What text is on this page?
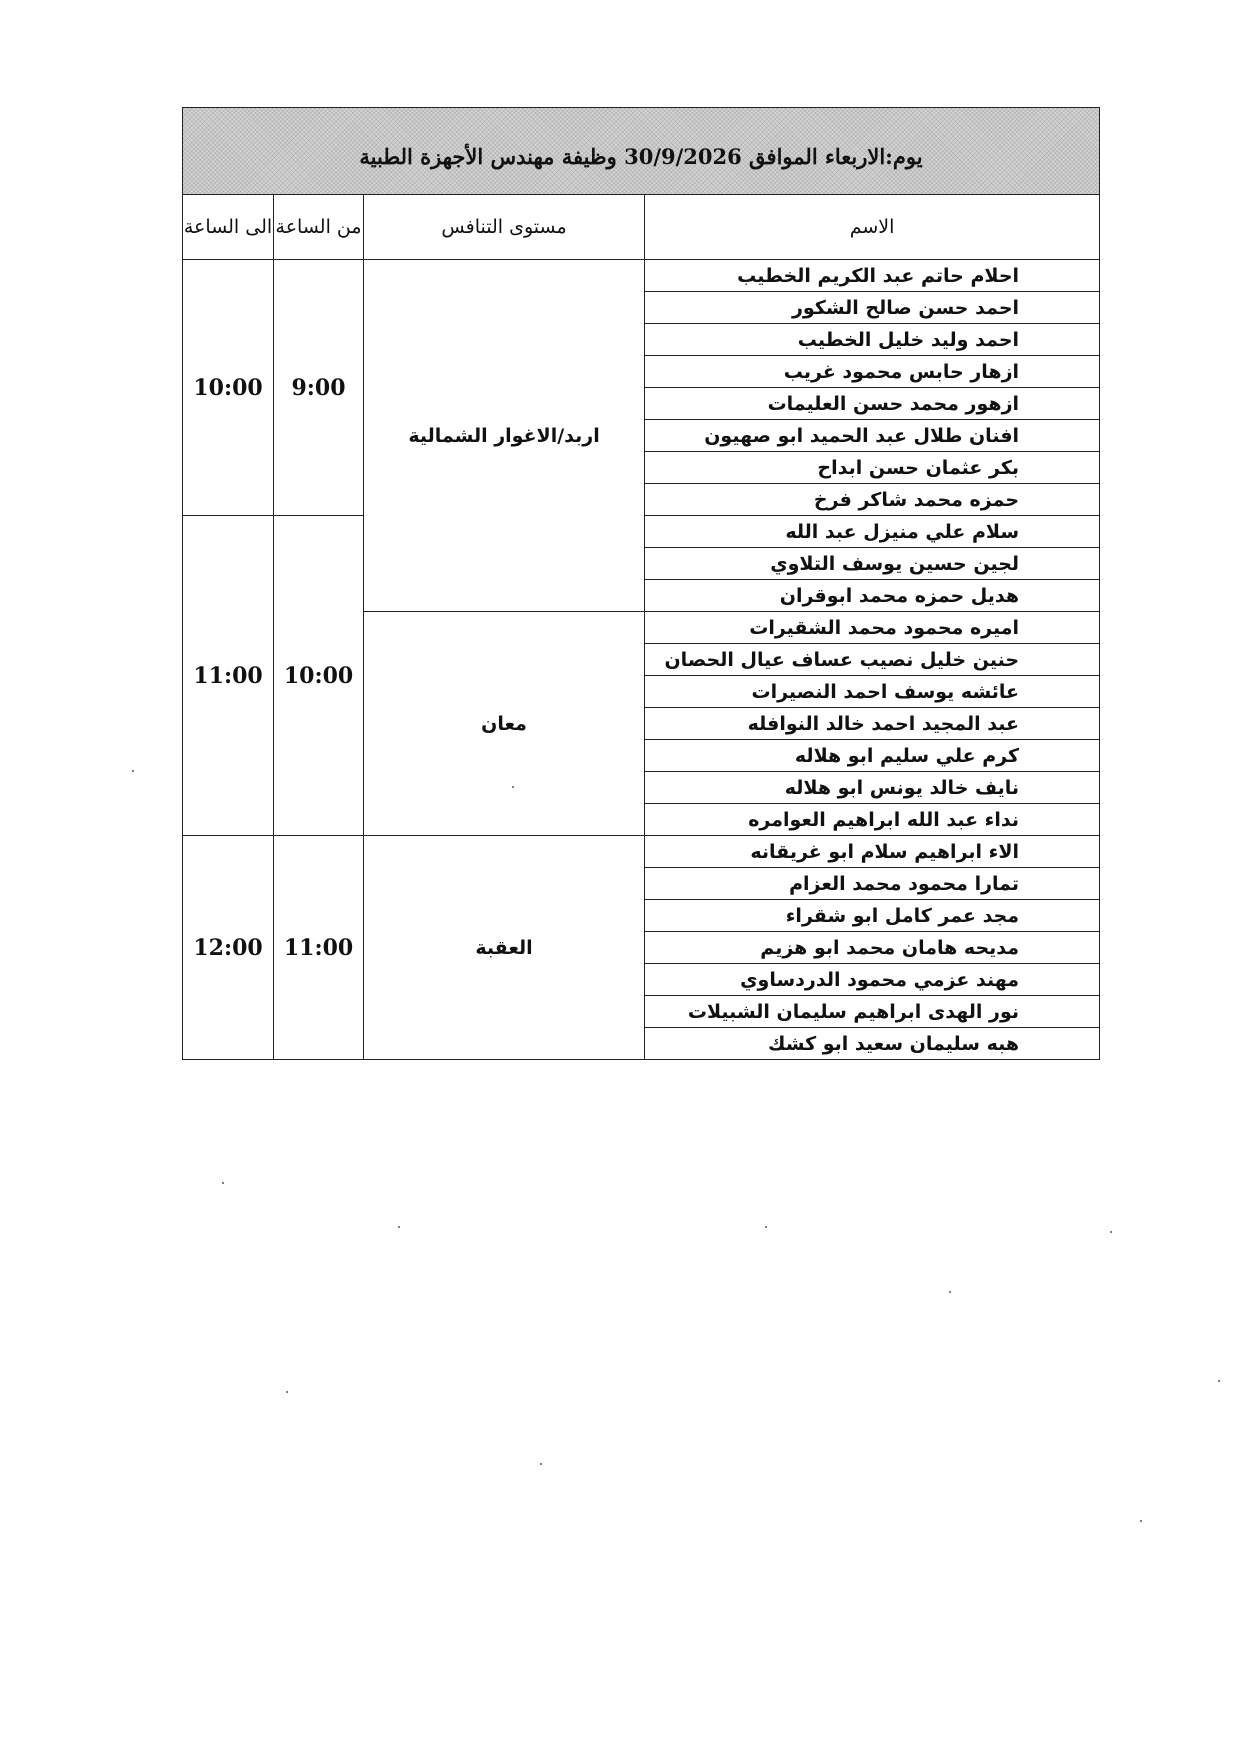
يوم:الاربعاء الموافق 30/9/2026 وظيفة مهندس الأجهزة الطبية			
الاسم	مستوى التنافس	من الساعة	الى الساعة
احلام حاتم عبد الكريم الخطيب	اربد/الاغوار الشمالية	9:00	10:00
احمد حسن صالح الشكور			
احمد وليد خليل الخطيب			
ازهار حابس محمود غريب			
ازهور محمد حسن العليمات			
افنان طلال عبد الحميد ابو صهيون			
بكر عثمان حسن ابداح			
حمزه محمد شاكر فرخ			
سلام علي منيزل عبد الله		10:00	11:00
لجين حسين يوسف التلاوي			
هديل حمزه محمد ابوقران			
اميره محمود محمد الشقيرات	معان		
حنين خليل نصيب عساف عيال الحصان			
عائشه يوسف احمد النصيرات			
عبد المجيد احمد خالد النوافله			
كرم علي سليم ابو هلاله			
نايف خالد يونس ابو هلاله			
نداء عبد الله ابراهيم العوامره			
الاء ابراهيم سلام ابو غريقانه	العقبة	11:00	12:00
تمارا محمود محمد العزام			
مجد عمر كامل ابو شقراء			
مديحه هامان محمد ابو هزيم			
مهند عزمي محمود الدردساوي			
نور الهدى ابراهيم سليمان الشبيلات			
هبه سليمان سعيد ابو كشك			
